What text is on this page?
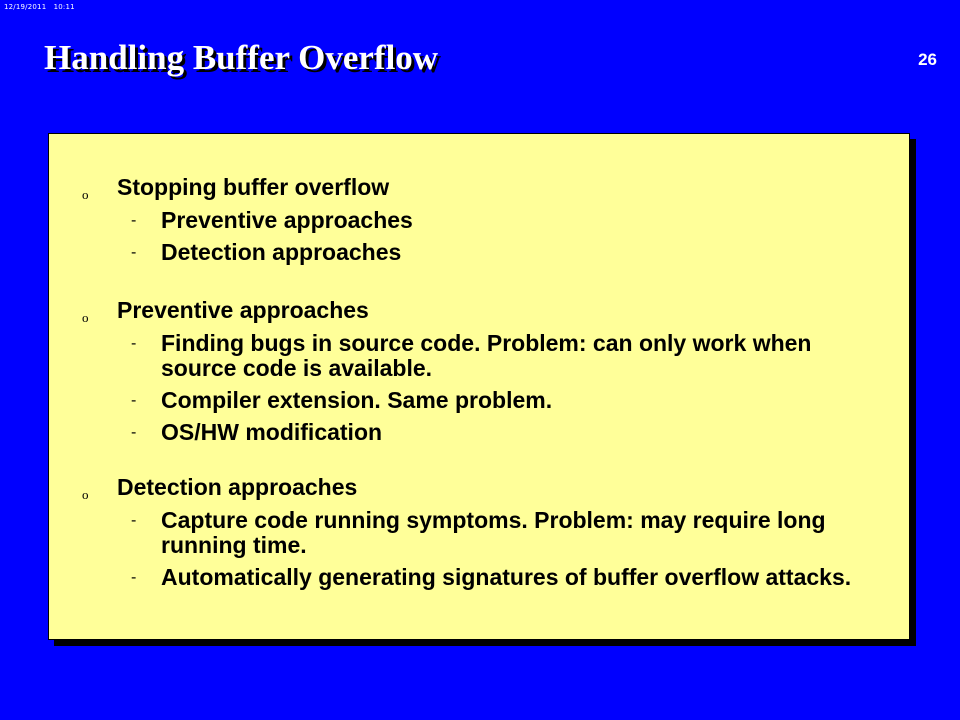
12/19/2011   10:11
Handling Buffer Overflow	26
o Stopping buffer overflow
- Preventive approaches
- Detection approaches
o Preventive approaches
- Finding bugs in source code. Problem: can only work when source code is available.
- Compiler extension. Same problem.
- OS/HW modification
o Detection approaches
- Capture code running symptoms. Problem: may require long running time.
- Automatically generating signatures of buffer overflow attacks.
